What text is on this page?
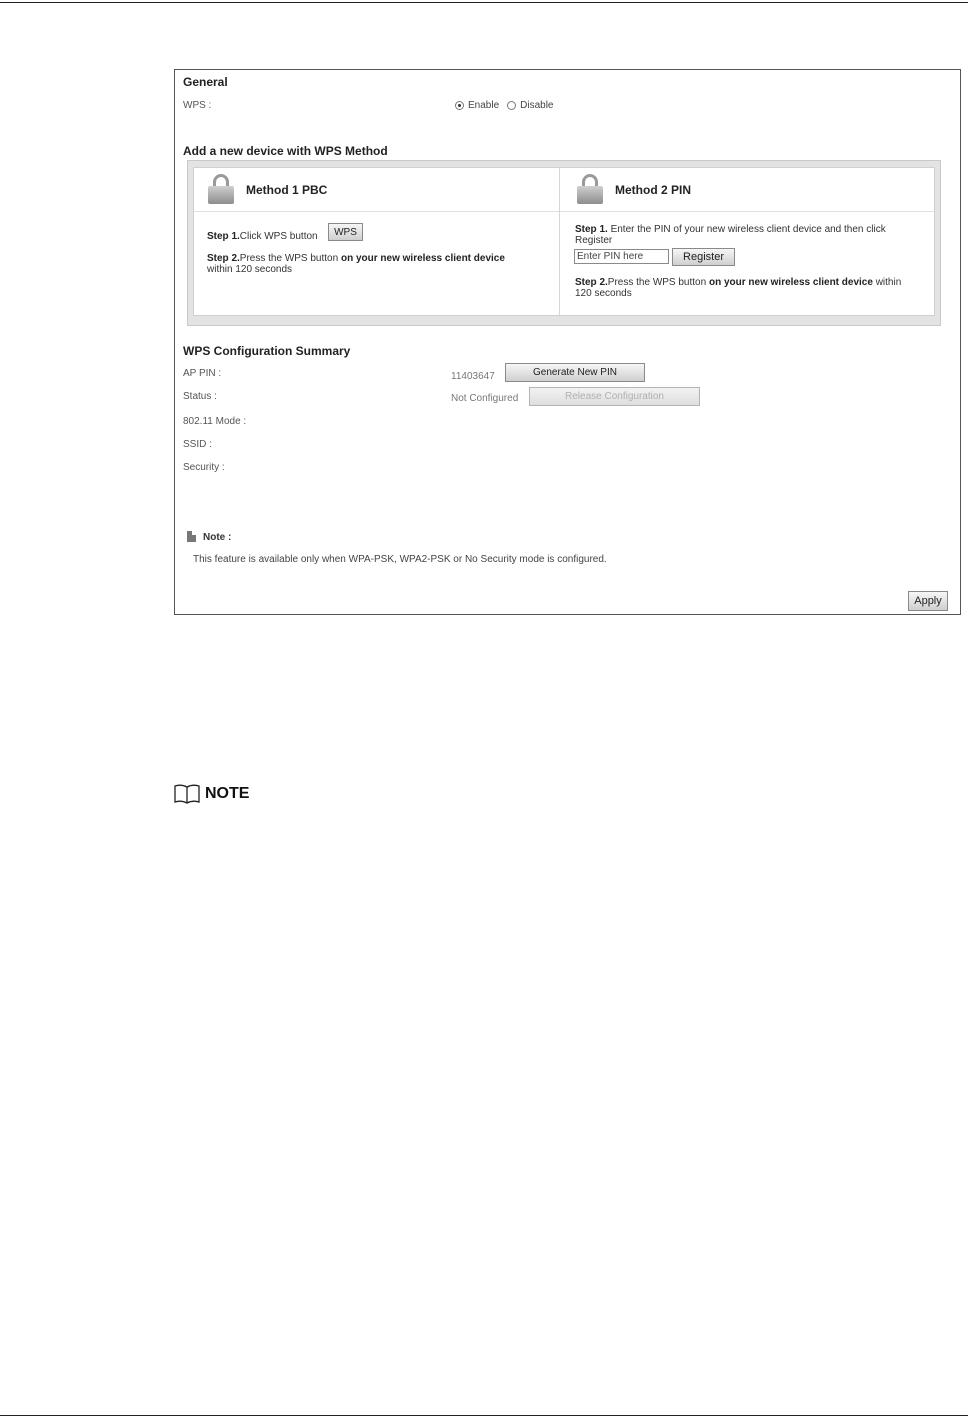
General
WPS :	Enable Disable
Add a new device with WPS Method
Method 1 PBC
Step 1.Click WPS button	WPS
Step 2.Press the WPS button on your new wireless client device within 120 seconds
Method 2 PIN
Step 1. Enter the PIN of your new wireless client device and then click Register
Enter PIN here
Register
Step 2.Press the WPS button on your new wireless client device within 120 seconds
WPS Configuration Summary
AP PIN :	11403647	Generate New PIN
Status :	Not Configured	Release Configuration
802.11 Mode :
SSID :
Security :
Note :
This feature is available only when WPA-PSK, WPA2-PSK or No Security mode is configured.
Apply
NOTE
